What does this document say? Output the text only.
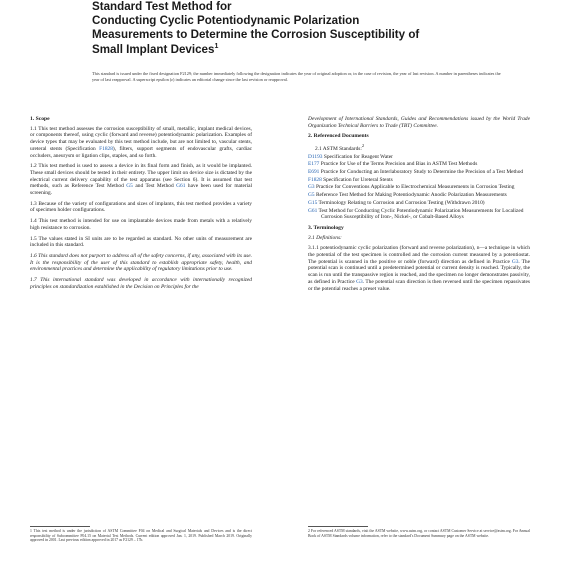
Standard Test Method for
Conducting Cyclic Potentiodynamic Polarization
Measurements to Determine the Corrosion Susceptibility of
Small Implant Devices$^1$
This standard is issued under the fixed designation F2129; the number immediately following the designation indicates the year of original adoption or, in the case of revision, the year of last revision. A number in parentheses indicates the year of last reapproval. A superscript epsilon (ε) indicates an editorial change since the last revision or reapproval.
1. Scope

1.1 This test method assesses the corrosion susceptibility of small, metallic, implant medical devices, or components thereof, using cyclic (forward and reverse) potentiodynamic polarization. Examples of device types that may be evaluated by this test method include, but are not limited to, vascular stents, ureteral stents (Specification F1828), filters, support segments of endovascular grafts, cardiac occluders, aneurysm or ligation clips, staples, and so forth.

1.2 This test method is used to assess a device in its final form and finish, as it would be implanted. These small devices should be tested in their entirety. The upper limit on device size is dictated by the electrical current delivery capability of the test apparatus (see Section 6). It is assumed that test methods, such as Reference Test Method G5 and Test Method G61 have been used for material screening.

1.3 Because of the variety of configurations and sizes of implants, this test method provides a variety of specimen holder configurations.

1.4 This test method is intended for use on implantable devices made from metals with a relatively high resistance to corrosion.

1.5 The values stated in SI units are to be regarded as standard. No other units of measurement are included in this standard.

1.6 This standard does not purport to address all of the safety concerns, if any, associated with its use. It is the responsibility of the user of this standard to establish appropriate safety, health, and environmental practices and determine the applicability of regulatory limitations prior to use.

1.7 This international standard was developed in accordance with internationally recognized principles on standardization established in the Decision on Principles for the

Development of International Standards, Guides and Recommendations issued by the World Trade Organization Technical Barriers to Trade (TBT) Committee.

2. Referenced Documents
2.1 ASTM Standards:$^2$
D1193 Specification for Reagent Water
E177 Practice for Use of the Terms Precision and Bias in ASTM Test Methods
E691 Practice for Conducting an Interlaboratory Study to Determine the Precision of a Test Method
F1828 Specification for Ureteral Stents
G3 Practice for Conventions Applicable to Electrochemical Measurements in Corrosion Testing
G5 Reference Test Method for Making Potentiodynamic Anodic Polarization Measurements
G15 Terminology Relating to Corrosion and Corrosion Testing (Withdrawn 2010)
G61 Test Method for Conducting Cyclic Potentiodynamic Polarization Measurements for Localized Corrosion Susceptibility of Iron-, Nickel-, or Cobalt-Based Alloys
3. Terminology
3.1 Definitions:

3.1.1 potentiodynamic cyclic polarization (forward and reverse polarization), n—a technique in which the potential of the test specimen is controlled and the corrosion current measured by a potentiostat. The potential is scanned in the positive or noble (forward) direction as defined in Practice G3. The potential scan is continued until a predetermined potential or current density is reached. Typically, the scan is run until the transpassive region is reached, and the specimen no longer demonstrates passivity, as defined in Practice G3. The potential scan direction is then reversed until the specimen repassivates or the potential reaches a preset value.

1 This test method is under the jurisdiction of ASTM Committee F04 on Medical and Surgical Materials and Devices and is the direct responsibility of Subcommittee F04.15 on Material Test Methods. Current edition approved Jan. 1, 2019. Published March 2019. Originally approved in 2001. Last previous edition approved in 2017 as F2129 – 17b.
2 For referenced ASTM standards, visit the ASTM website, www.astm.org, or contact ASTM Customer Service at service@astm.org. For Annual Book of ASTM Standards volume information, refer to the standard's Document Summary page on the ASTM website.
